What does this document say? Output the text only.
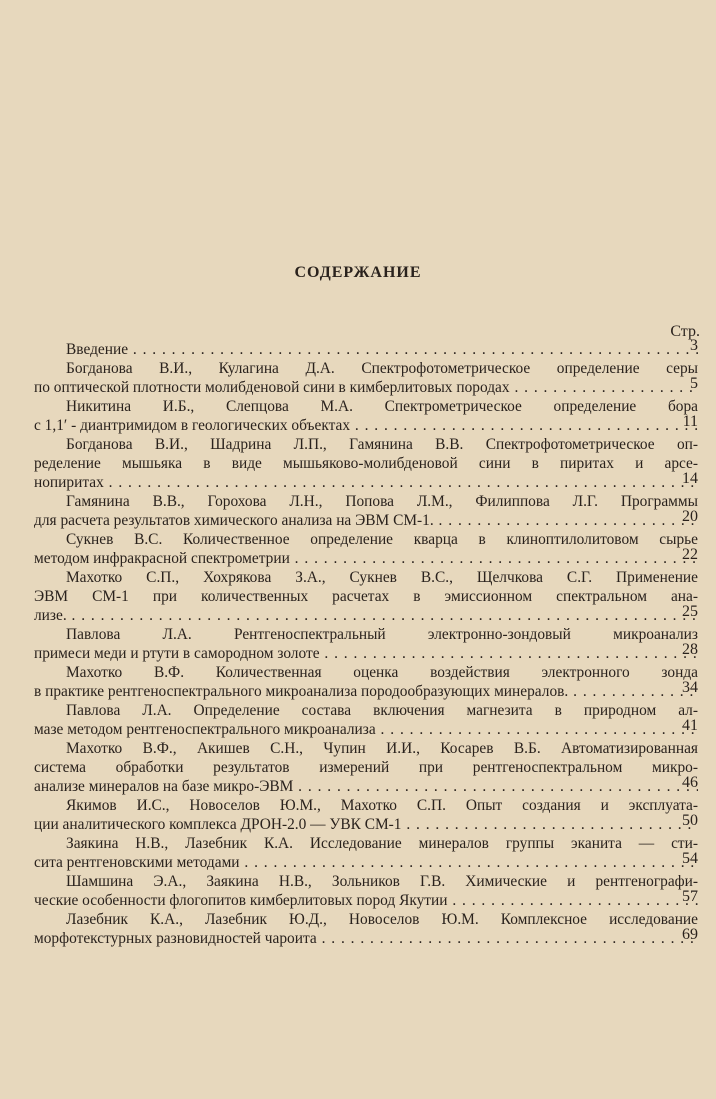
СОДЕРЖАНИЕ
Стр.
Введение . . .	3
Богданова В.И., Кулагина Д.А. Спектрофотометрическое определение серы
по оптической плотности молибденовой сини в кимберлитовых породах . . .	5
Никитина И.Б., Слепцова М.А. Спектрометрическое определение бора
с 1,1′ - диантримидом в геологических объектах . . .	11
Богданова В.И., Шадрина Л.П., Гамянина В.В. Спектрофотометрическое оп-
ределение мышьяка в виде мышьяково-молибденовой сини в пиритах и арсе-
нопиритах . . .	14
Гамянина В.В., Горохова Л.Н., Попова Л.М., Филиппова Л.Г. Программы
для расчета результатов химического анализа на ЭВМ СМ-1. . . .	20
Сукнев В.С. Количественное определение кварца в клиноптилолитовом сырье
методом инфракрасной спектрометрии . . .	22
Махотко С.П., Хохрякова З.А., Сукнев В.С., Щелчкова С.Г. Применение
ЭВМ СМ-1 при количественных расчетах в эмиссионном спектральном ана-
лизе. . . .	25
Павлова Л.А. Рентгеноспектральный электронно-зондовый микроанализ
примеси меди и ртути в самородном золоте . . .	28
Махотко В.Ф. Количественная оценка воздействия электронного зонда
в практике рентгеноспектрального микроанализа породообразующих минералов. . . .	34
Павлова Л.А. Определение состава включения магнезита в природном ал-
мазе методом рентгеноспектрального микроанализа . . .	41
Махотко В.Ф., Акишев С.Н., Чупин И.И., Косарев В.Б. Автоматизированная
система обработки результатов измерений при рентгеноспектральном микро-
анализе минералов на базе микро-ЭВМ . . .	46
Якимов И.С., Новоселов Ю.М., Махотко С.П. Опыт создания и эксплуата-
ции аналитического комплекса ДРОН-2.0 — УВК СМ-1 . . .	50
Заякина Н.В., Лазебник К.А. Исследование минералов группы эканита — сти-
сита рентгеновскими методами . . .	54
Шамшина Э.А., Заякина Н.В., Зольников Г.В. Химические и рентгенографи-
ческие особенности флогопитов кимберлитовых пород Якутии . . .	57
Лазебник К.А., Лазебник Ю.Д., Новоселов Ю.М. Комплексное исследование
морфотекстурных разновидностей чароита . . .	69
